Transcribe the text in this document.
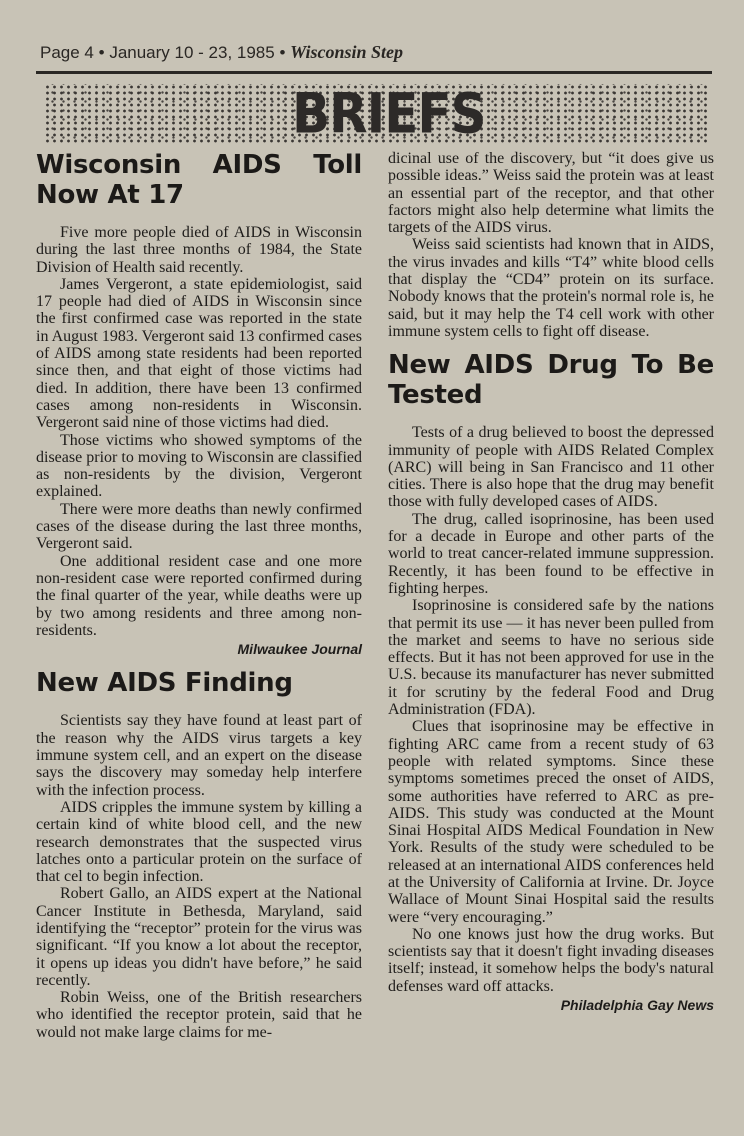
Page 4 • January 10 - 23, 1985 • Wisconsin Step
BRIEFS
Wisconsin AIDS Toll Now At 17

Five more people died of AIDS in Wisconsin during the last three months of 1984, the State Division of Health said recently.

James Vergeront, a state epidemiologist, said 17 people had died of AIDS in Wisconsin since the first confirmed case was reported in the state in August 1983. Vergeront said 13 confirmed cases of AIDS among state residents had been reported since then, and that eight of those victims had died. In addition, there have been 13 confirmed cases among non-residents in Wisconsin. Vergeront said nine of those victims had died.

Those victims who showed symptoms of the disease prior to moving to Wisconsin are classified as non-residents by the division, Vergeront explained.

There were more deaths than newly confirmed cases of the disease during the last three months, Vergeront said.

One additional resident case and one more non-resident case were reported confirmed during the final quarter of the year, while deaths were up by two among residents and three among non-residents.

Milwaukee Journal
New AIDS Finding

Scientists say they have found at least part of the reason why the AIDS virus targets a key immune system cell, and an expert on the disease says the discovery may someday help interfere with the infection process.

AIDS cripples the immune system by killing a certain kind of white blood cell, and the new research demonstrates that the suspected virus latches onto a particular protein on the surface of that cel to begin infection.

Robert Gallo, an AIDS expert at the National Cancer Institute in Bethesda, Maryland, said identifying the “receptor” protein for the virus was significant. “If you know a lot about the receptor, it opens up ideas you didn't have before,” he said recently.

Robin Weiss, one of the British researchers who identified the receptor protein, said that he would not make large claims for me-

dicinal use of the discovery, but “it does give us possible ideas.” Weiss said the protein was at least an essential part of the receptor, and that other factors might also help determine what limits the targets of the AIDS virus.

Weiss said scientists had known that in AIDS, the virus invades and kills “T4” white blood cells that display the “CD4” protein on its surface. Nobody knows that the protein's normal role is, he said, but it may help the T4 cell work with other immune system cells to fight off disease.

New AIDS Drug To Be Tested

Tests of a drug believed to boost the depressed immunity of people with AIDS Related Complex (ARC) will being in San Francisco and 11 other cities. There is also hope that the drug may benefit those with fully developed cases of AIDS.

The drug, called isoprinosine, has been used for a decade in Europe and other parts of the world to treat cancer-related immune suppression. Recently, it has been found to be effective in fighting herpes.

Isoprinosine is considered safe by the nations that permit its use — it has never been pulled from the market and seems to have no serious side effects. But it has not been approved for use in the U.S. because its manufacturer has never submitted it for scrutiny by the federal Food and Drug Administration (FDA).

Clues that isoprinosine may be effective in fighting ARC came from a recent study of 63 people with related symptoms. Since these symptoms sometimes preced the onset of AIDS, some authorities have referred to ARC as pre-AIDS. This study was conducted at the Mount Sinai Hospital AIDS Medical Foundation in New York. Results of the study were scheduled to be released at an international AIDS conferences held at the University of California at Irvine. Dr. Joyce Wallace of Mount Sinai Hospital said the results were “very encouraging.”

No one knows just how the drug works. But scientists say that it doesn't fight invading diseases itself; instead, it somehow helps the body's natural defenses ward off attacks.

Philadelphia Gay News
